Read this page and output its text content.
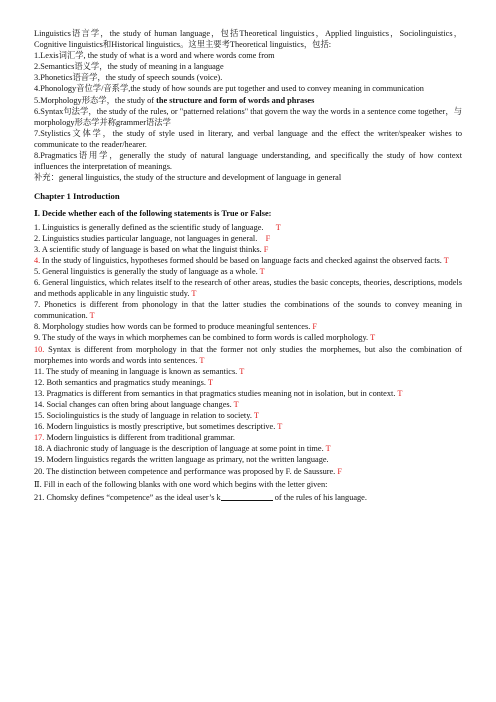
Linguistics语言学，the study of human language，包括Theoretical linguistics，Applied linguistics，Sociolinguistics，Cognitive linguistics和Historical linguistics。这里主要考Theoretical linguistics，包括:

1.Lexis词汇学, the study of what is a word and where words come from

2.Semantics语义学，the study of meaning in a language

3.Phonetics语音学，the study of speech sounds (voice).

4.Phonology音位学/音系学,the study of how sounds are put together and used to convey meaning in communication

5.Morphology形态学，the study of the structure and form of words and phrases

6.Syntax句法学，the study of the rules, or "patterned relations" that govern the way the words in a sentence come together，与morphology形态学并称grammer语法学

7.Stylistics文体学，the study of style used in literary, and verbal language and the effect the writer/speaker wishes to communicate to the reader/hearer.

8.Pragmatics语用学，generally the study of natural language understanding, and specifically the study of how context influences the interpretation of meanings.

补充：general linguistics, the study of the structure and development of language in general

Chapter 1 Introduction

Ⅰ. Decide whether each of the following statements is True or False:

1. Linguistics is generally defined as the scientific study of language.      T

2. Linguistics studies particular language, not languages in general.    F

3. A scientific study of language is based on what the linguist thinks. F

4. In the study of linguistics, hypotheses formed should be based on language facts and checked against the observed facts. T

5. General linguistics is generally the study of language as a whole. T

6. General linguistics, which relates itself to the research of other areas, studies the basic concepts, theories, descriptions, models and methods applicable in any linguistic study. T

7. Phonetics is different from phonology in that the latter studies the combinations of the sounds to convey meaning in communication. T

8. Morphology studies how words can be formed to produce meaningful sentences. F

9. The study of the ways in which morphemes can be combined to form words is called morphology. T

10. Syntax is different from morphology in that the former not only studies the morphemes, but also the combination of morphemes into words and words into sentences. T

11. The study of meaning in language is known as semantics. T

12. Both semantics and pragmatics study meanings. T

13. Pragmatics is different from semantics in that pragmatics studies meaning not in isolation, but in context. T

14. Social changes can often bring about language changes. T

15. Sociolinguistics is the study of language in relation to society. T

16. Modern linguistics is mostly prescriptive, but sometimes descriptive. T

17. Modern linguistics is different from traditional grammar.

18. A diachronic study of language is the description of language at some point in time. T

19. Modern linguistics regards the written language as primary, not the written language.

20. The distinction between competence and performance was proposed by F. de Saussure. F

Ⅱ. Fill in each of the following blanks with one word which begins with the letter given:

21. Chomsky defines “competence” as the ideal user’s k	of the rules of his language.
